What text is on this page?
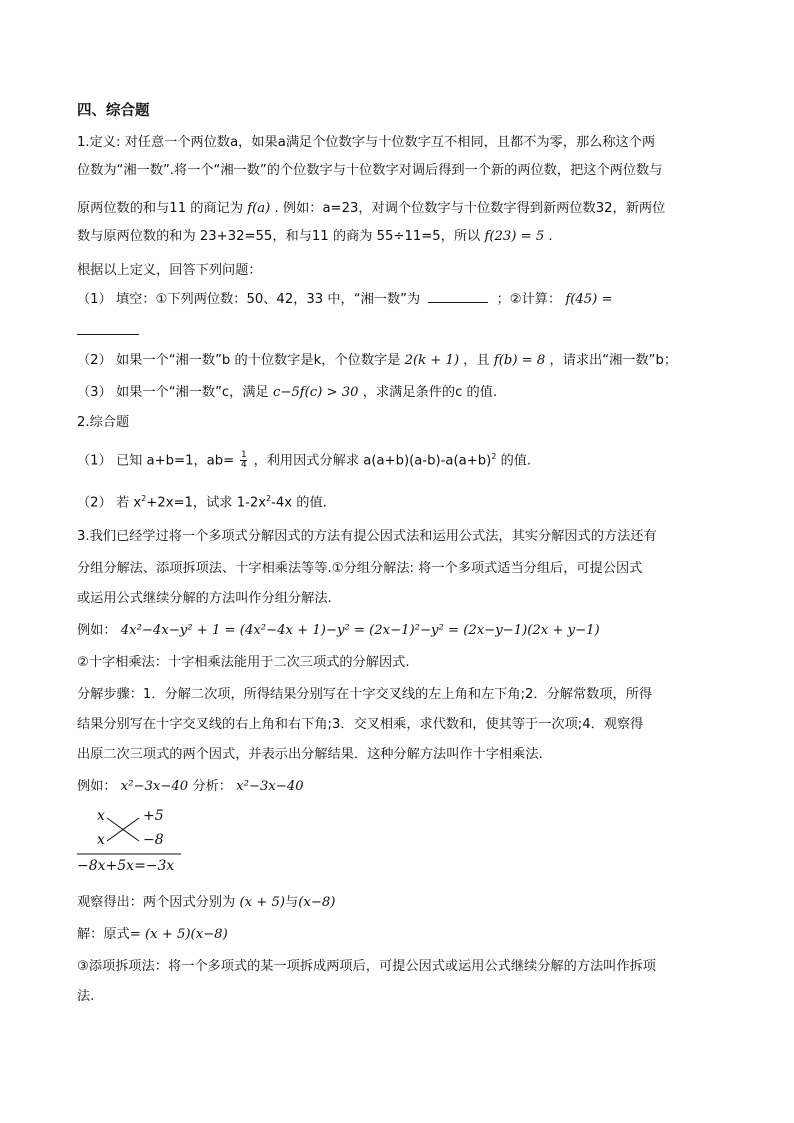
四、综合题
1.定义: 对任意一个两位数a，如果a满足个位数字与十位数字互不相同，且都不为零，那么称这个两
位数为“湘一数”.将一个“湘一数”的个位数字与十位数字对调后得到一个新的两位数，把这个两位数与
原两位数的和与11 的商记为 f(a) . 例如：a=23，对调个位数字与十位数字得到新两位数32，新两位
数与原两位数的和为 23+32=55，和与11 的商为 55÷11=5，所以 f(23) = 5 .
根据以上定义，回答下列问题：
（1） 填空：①下列两位数：50、42，33 中，“湘一数”为	；②计算： f(45) =
（2） 如果一个“湘一数”b 的十位数字是k，个位数字是 2(k + 1) ，且 f(b) = 8 ，请求出“湘一数”b；
（3） 如果一个“湘一数”c，满足 c−5f(c) > 30 ，求满足条件的c 的值.
2.综合题
（1） 已知 a+b=1，$ab= \frac{1}{4}$ ，利用因式分解求 $a(a+b)(a-b)-a(a+b)^2$ 的值.
（2） 若 $x^2+2x=1$，试求 $1-2x^2-4x$ 的值.
3.我们已经学过将一个多项式分解因式的方法有提公因式法和运用公式法，其实分解因式的方法还有
分组分解法、添项拆项法、十字相乘法等等.①分组分解法: 将一个多项式适当分组后，可提公因式
或运用公式继续分解的方法叫作分组分解法.
例如： 4x²−4x−y² + 1 = (4x²−4x + 1)−y² = (2x−1)²−y² = (2x−y−1)(2x + y−1)
②十字相乘法：十字相乘法能用于二次三项式的分解因式.
分解步骤：1．分解二次项，所得结果分别写在十字交叉线的左上角和左下角;2．分解常数项，所得
结果分别写在十字交叉线的右上角和右下角;3．交叉相乘，求代数和，使其等于一次项;4．观察得
出原二次三项式的两个因式，并表示出分解结果．这种分解方法叫作十字相乘法.
例如： x²−3x−40 分析： x²−3x−40
x
x
+5
−8
−8x+5x=−3x
观察得出：两个因式分别为 (x + 5)与(x−8)
解：原式= (x + 5)(x−8)
③添项拆项法：将一个多项式的某一项拆成两项后，可提公因式或运用公式继续分解的方法叫作拆项
法.
